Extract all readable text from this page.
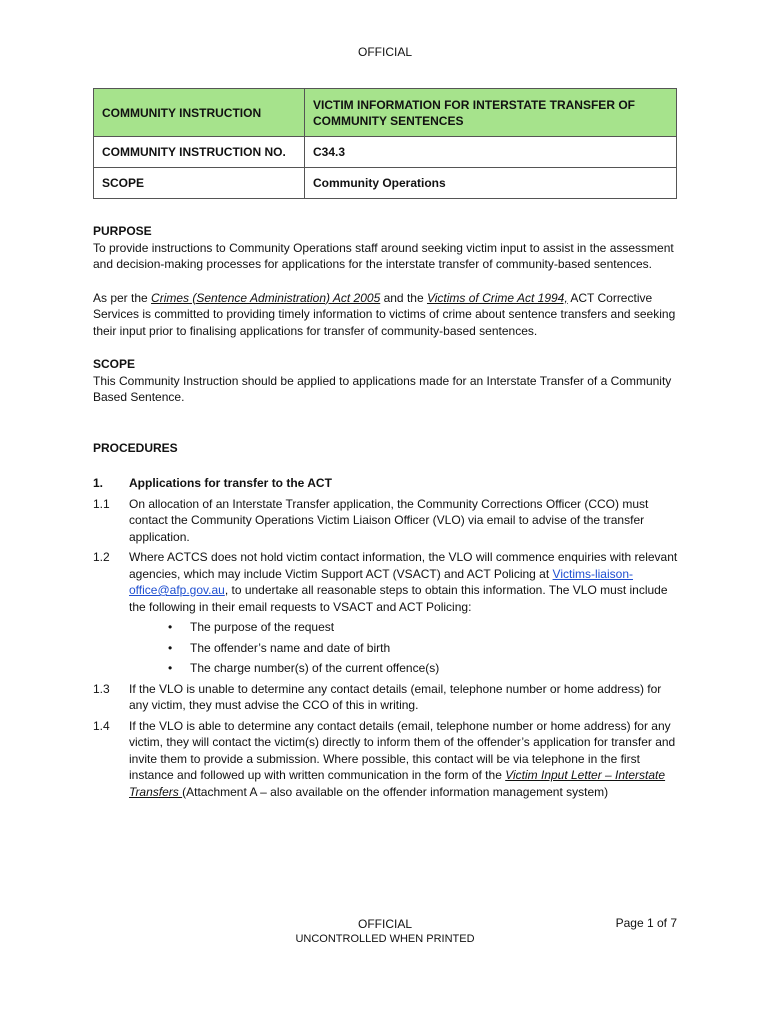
OFFICIAL
COMMUNITY INSTRUCTION	VICTIM INFORMATION FOR INTERSTATE TRANSFER OF COMMUNITY SENTENCES
COMMUNITY INSTRUCTION NO.	C34.3
SCOPE	Community Operations

PURPOSE

To provide instructions to Community Operations staff around seeking victim input to assist in the assessment and decision-making processes for applications for the interstate transfer of community-based sentences.

As per the Crimes (Sentence Administration) Act 2005 and the Victims of Crime Act 1994, ACT Corrective Services is committed to providing timely information to victims of crime about sentence transfers and seeking their input prior to finalising applications for transfer of community-based sentences.

SCOPE

This Community Instruction should be applied to applications made for an Interstate Transfer of a Community Based Sentence.

PROCEDURES

1.	Applications for transfer to the ACT
1.1	On allocation of an Interstate Transfer application, the Community Corrections Officer (CCO) must contact the Community Operations Victim Liaison Officer (VLO) via email to advise of the transfer application.
1.2	Where ACTCS does not hold victim contact information, the VLO will commence enquiries with relevant agencies, which may include Victim Support ACT (VSACT) and ACT Policing at Victims-liaison-office@afp.gov.au, to undertake all reasonable steps to obtain this information. The VLO must include the following in their email requests to VSACT and ACT Policing:
• The purpose of the request
• The offender’s name and date of birth
• The charge number(s) of the current offence(s)
1.3	If the VLO is unable to determine any contact details (email, telephone number or home address) for any victim, they must advise the CCO of this in writing.
1.4	If the VLO is able to determine any contact details (email, telephone number or home address) for any victim, they will contact the victim(s) directly to inform them of the offender’s application for transfer and invite them to provide a submission. Where possible, this contact will be via telephone in the first instance and followed up with written communication in the form of the Victim Input Letter – Interstate Transfers (Attachment A – also available on the offender information management system)
OFFICIAL
UNCONTROLLED WHEN PRINTED
Page 1 of 7
